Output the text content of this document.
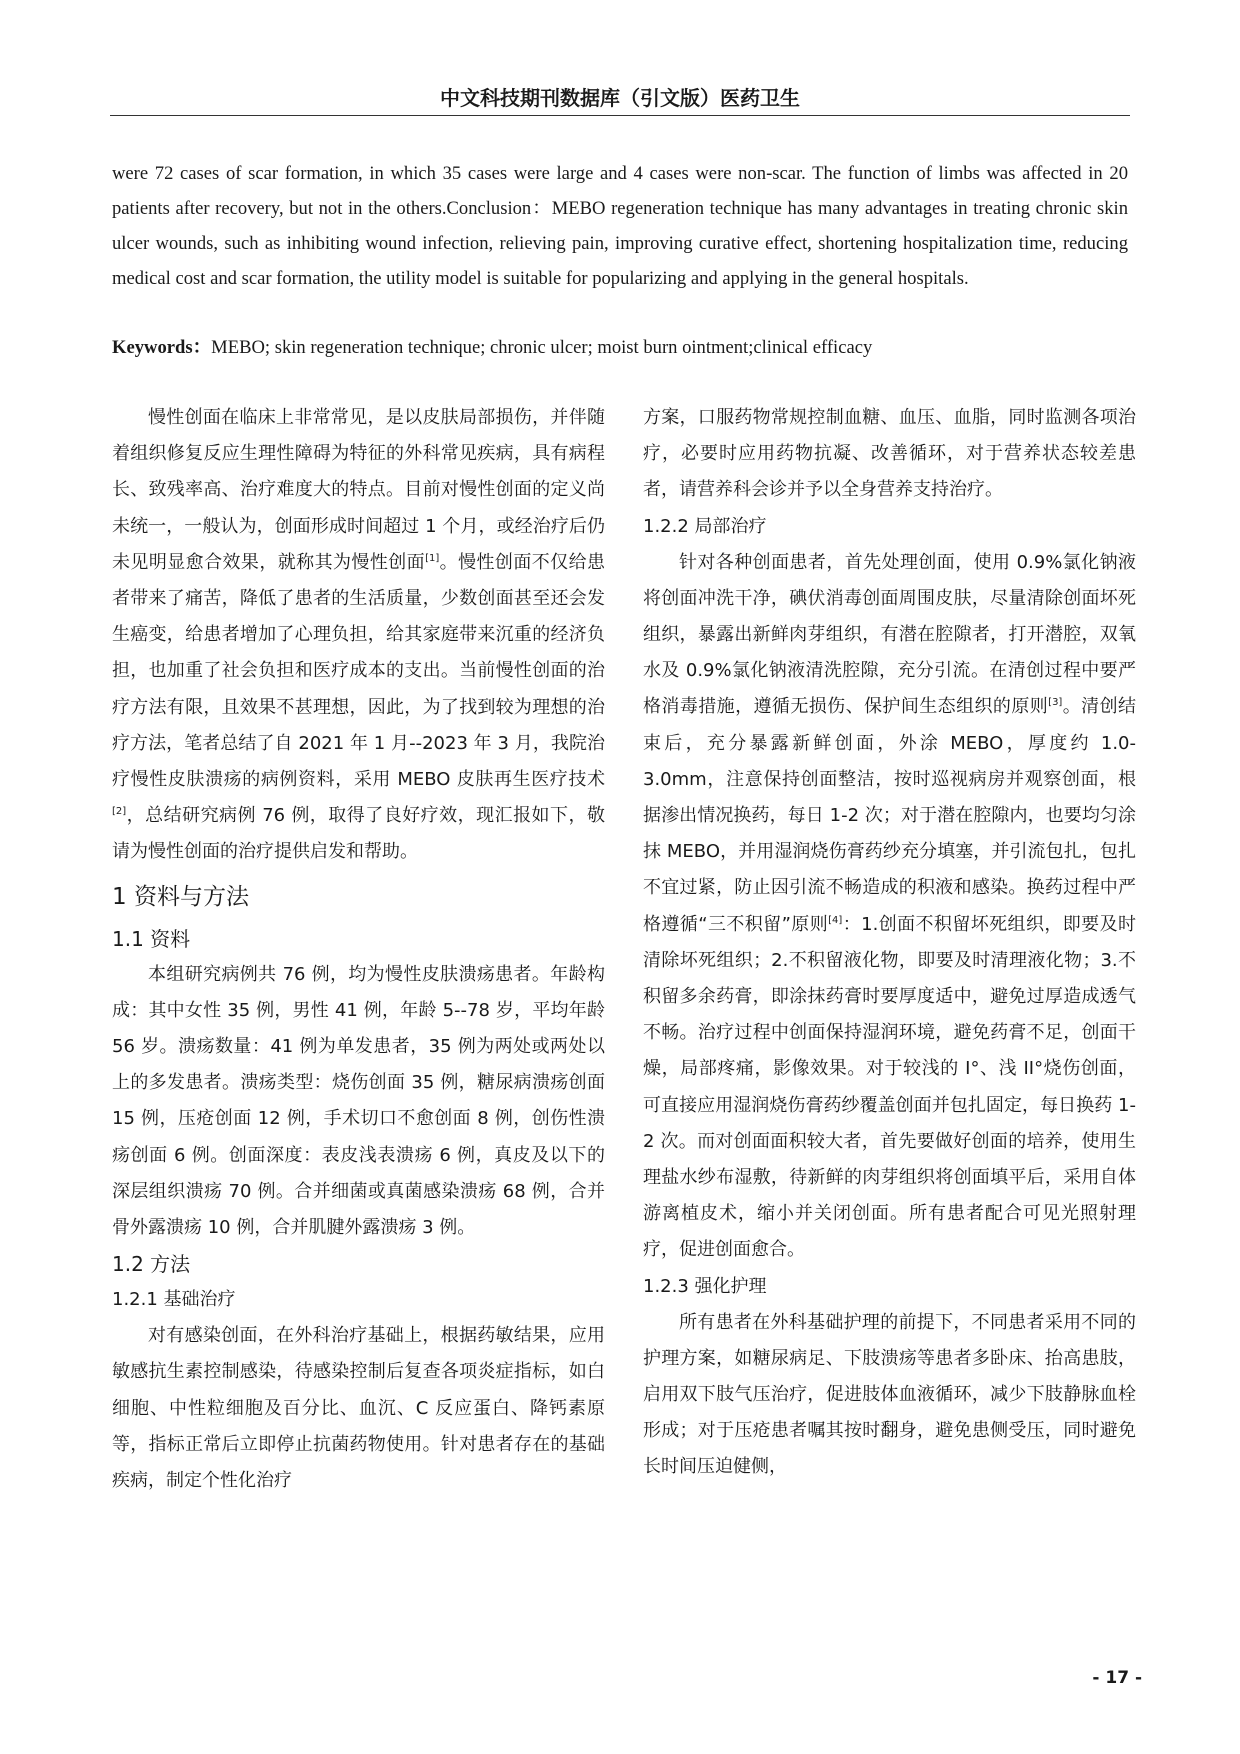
中文科技期刊数据库（引文版）医药卫生

were 72 cases of scar formation, in which 35 cases were large and 4 cases were non-scar. The function of limbs was affected in 20 patients after recovery, but not in the others.Conclusion：MEBO regeneration technique has many advantages in treating chronic skin ulcer wounds, such as inhibiting wound infection, relieving pain, improving curative effect, shortening hospitalization time, reducing medical cost and scar formation, the utility model is suitable for popularizing and applying in the general hospitals.

Keywords：MEBO; skin regeneration technique; chronic ulcer; moist burn ointment;clinical efficacy

慢性创面在临床上非常常见，是以皮肤局部损伤，并伴随着组织修复反应生理性障碍为特征的外科常见疾病，具有病程长、致残率高、治疗难度大的特点。目前对慢性创面的定义尚未统一，一般认为，创面形成时间超过 1 个月，或经治疗后仍未见明显愈合效果，就称其为慢性创面[1]。慢性创面不仅给患者带来了痛苦，降低了患者的生活质量，少数创面甚至还会发生癌变，给患者增加了心理负担，给其家庭带来沉重的经济负担，也加重了社会负担和医疗成本的支出。当前慢性创面的治疗方法有限，且效果不甚理想，因此，为了找到较为理想的治疗方法，笔者总结了自 2021 年 1 月--2023 年 3 月，我院治疗慢性皮肤溃疡的病例资料，采用 MEBO 皮肤再生医疗技术[2]，总结研究病例 76 例，取得了良好疗效，现汇报如下，敬请为慢性创面的治疗提供启发和帮助。

1 资料与方法
1.1 资料

本组研究病例共 76 例，均为慢性皮肤溃疡患者。年龄构成：其中女性 35 例，男性 41 例，年龄 5--78 岁，平均年龄 56 岁。溃疡数量：41 例为单发患者，35 例为两处或两处以上的多发患者。溃疡类型：烧伤创面 35 例，糖尿病溃疡创面 15 例，压疮创面 12 例，手术切口不愈创面 8 例，创伤性溃疡创面 6 例。创面深度：表皮浅表溃疡 6 例，真皮及以下的深层组织溃疡 70 例。合并细菌或真菌感染溃疡 68 例，合并骨外露溃疡 10 例，合并肌腱外露溃疡 3 例。

1.2 方法
1.2.1 基础治疗

对有感染创面，在外科治疗基础上，根据药敏结果，应用敏感抗生素控制感染，待感染控制后复查各项炎症指标，如白细胞、中性粒细胞及百分比、血沉、C 反应蛋白、降钙素原等，指标正常后立即停止抗菌药物使用。针对患者存在的基础疾病，制定个性化治疗

方案，口服药物常规控制血糖、血压、血脂，同时监测各项治疗，必要时应用药物抗凝、改善循环，对于营养状态较差患者，请营养科会诊并予以全身营养支持治疗。

1.2.2 局部治疗

针对各种创面患者，首先处理创面，使用 0.9%氯化钠液将创面冲洗干净，碘伏消毒创面周围皮肤，尽量清除创面坏死组织，暴露出新鲜肉芽组织，有潜在腔隙者，打开潜腔，双氧水及 0.9%氯化钠液清洗腔隙，充分引流。在清创过程中要严格消毒措施，遵循无损伤、保护间生态组织的原则[3]。清创结束后，充分暴露新鲜创面，外涂 MEBO，厚度约 1.0-3.0mm，注意保持创面整洁，按时巡视病房并观察创面，根据渗出情况换药，每日 1-2 次；对于潜在腔隙内，也要均匀涂抹 MEBO，并用湿润烧伤膏药纱充分填塞，并引流包扎，包扎不宜过紧，防止因引流不畅造成的积液和感染。换药过程中严格遵循“三不积留”原则[4]：1.创面不积留坏死组织，即要及时清除坏死组织；2.不积留液化物，即要及时清理液化物；3.不积留多余药膏，即涂抹药膏时要厚度适中，避免过厚造成透气不畅。治疗过程中创面保持湿润环境，避免药膏不足，创面干燥，局部疼痛，影像效果。对于较浅的 I°、浅 II°烧伤创面，可直接应用湿润烧伤膏药纱覆盖创面并包扎固定，每日换药 1-2 次。而对创面面积较大者，首先要做好创面的培养，使用生理盐水纱布湿敷，待新鲜的肉芽组织将创面填平后，采用自体游离植皮术，缩小并关闭创面。所有患者配合可见光照射理疗，促进创面愈合。

1.2.3 强化护理

所有患者在外科基础护理的前提下，不同患者采用不同的护理方案，如糖尿病足、下肢溃疡等患者多卧床、抬高患肢，启用双下肢气压治疗，促进肢体血液循环，减少下肢静脉血栓形成；对于压疮患者嘱其按时翻身，避免患侧受压，同时避免长时间压迫健侧，

- 17 -
